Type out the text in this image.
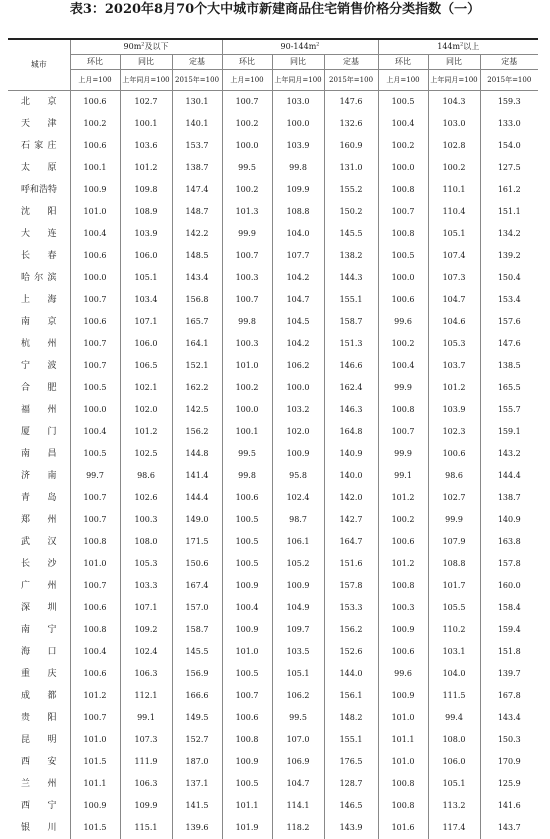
表3：2020年8月70个大中城市新建商品住宅销售价格分类指数（一）
城市	$90m^2$及以下			$90-144m^2$			$144m^2$以上		
	环比	同比	定基	环比	同比	定基	环比	同比	定基
	上月=100	上年同月=100	2015年=100	上月=100	上年同月=100	2015年=100	上月=100	上年同月=100	2015年=100
北京	100.6	102.7	130.1	100.7	103.0	147.6	100.5	104.3	159.3
天津	100.2	100.1	140.1	100.2	100.0	132.6	100.4	103.0	133.0
石家庄	100.6	103.6	153.7	100.0	103.9	160.9	100.2	102.8	154.0
太原	100.1	101.2	138.7	99.5	99.8	131.0	100.0	100.2	127.5
呼和浩特	100.9	109.8	147.4	100.2	109.9	155.2	100.8	110.1	161.2
沈阳	101.0	108.9	148.7	101.3	108.8	150.2	100.7	110.4	151.1
大连	100.4	103.9	142.2	99.9	104.0	145.5	100.8	105.1	134.2
长春	100.6	106.0	148.5	100.7	107.7	138.2	100.5	107.4	139.2
哈尔滨	100.0	105.1	143.4	100.3	104.2	144.3	100.0	107.3	150.4
上海	100.7	103.4	156.8	100.7	104.7	155.1	100.6	104.7	153.4
南京	100.6	107.1	165.7	99.8	104.5	158.7	99.6	104.6	157.6
杭州	100.7	106.0	164.1	100.3	104.2	151.3	100.2	105.3	147.6
宁波	100.7	106.5	152.1	101.0	106.2	146.6	100.4	103.7	138.5
合肥	100.5	102.1	162.2	100.2	100.0	162.4	99.9	101.2	165.5
福州	100.0	102.0	142.5	100.0	103.2	146.3	100.8	103.9	155.7
厦门	100.4	101.2	156.2	100.1	102.0	164.8	100.7	102.3	159.1
南昌	100.5	102.5	144.8	99.5	100.9	140.9	99.9	100.6	143.2
济南	99.7	98.6	141.4	99.8	95.8	140.0	99.1	98.6	144.4
青岛	100.7	102.6	144.4	100.6	102.4	142.0	101.2	102.7	138.7
郑州	100.7	100.3	149.0	100.5	98.7	142.7	100.2	99.9	140.9
武汉	100.8	108.0	171.5	100.5	106.1	164.7	100.6	107.9	163.8
长沙	101.0	105.3	150.6	100.5	105.2	151.6	101.2	108.8	157.8
广州	100.7	103.3	167.4	100.9	100.9	157.8	100.8	101.7	160.0
深圳	100.6	107.1	157.0	100.4	104.9	153.3	100.3	105.5	158.4
南宁	100.8	109.2	158.7	100.9	109.7	156.2	100.9	110.2	159.4
海口	100.4	102.4	145.5	101.0	103.5	152.6	100.6	103.1	151.8
重庆	100.6	106.3	156.9	100.5	105.1	144.0	99.6	104.0	139.7
成都	101.2	112.1	166.6	100.7	106.2	156.1	100.9	111.5	167.8
贵阳	100.7	99.1	149.5	100.6	99.5	148.2	101.0	99.4	143.4
昆明	101.0	107.3	152.7	100.8	107.0	155.1	101.1	108.0	150.3
西安	101.5	111.9	187.0	100.9	106.9	176.5	101.0	106.0	170.9
兰州	101.1	106.3	137.1	100.5	104.7	128.7	100.8	105.1	125.9
西宁	100.9	109.9	141.5	101.1	114.1	146.5	100.8	113.2	141.6
银川	101.5	115.1	139.6	101.9	118.2	143.9	101.6	117.4	143.7
